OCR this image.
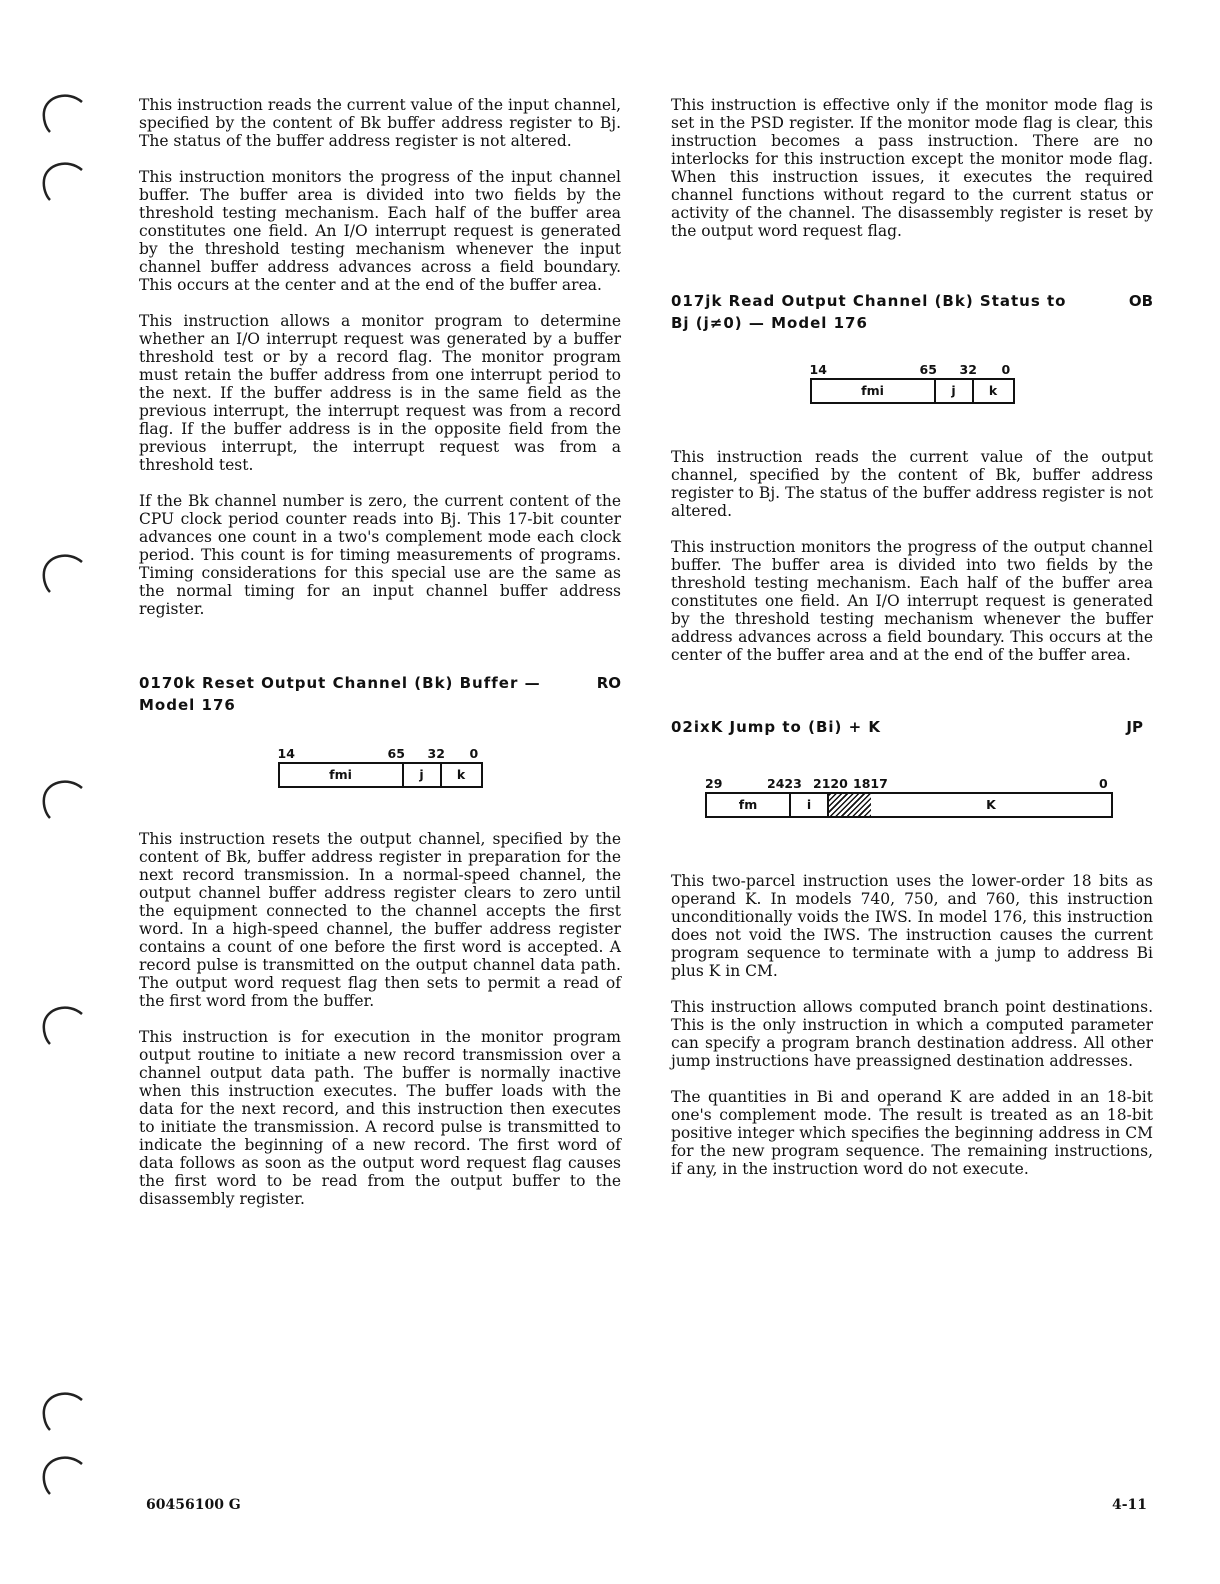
This instruction reads the current value of the input channel, specified by the content of Bk buffer address register to Bj. The status of the buffer address register is not altered.

This instruction monitors the progress of the input channel buffer. The buffer area is divided into two fields by the threshold testing mechanism. Each half of the buffer area constitutes one field. An I/O interrupt request is generated by the threshold testing mechanism whenever the input channel buffer address advances across a field boundary. This occurs at the center and at the end of the buffer area.

This instruction allows a monitor program to determine whether an I/O interrupt request was generated by a buffer threshold test or by a record flag. The monitor program must retain the buffer address from one interrupt period to the next. If the buffer address is in the same field as the previous interrupt, the interrupt request was from a record flag. If the buffer address is in the opposite field from the previous interrupt, the interrupt request was from a threshold test.

If the Bk channel number is zero, the current content of the CPU clock period counter reads into Bj. This 17-bit counter advances one count in a two's complement mode each clock period. This count is for timing measurements of programs. Timing considerations for this special use are the same as the normal timing for an input channel buffer address register.

0170k Reset Output Channel (Bk) Buffer — Model 176
RO
14	65 32 0
fmi	j	k

This instruction resets the output channel, specified by the content of Bk, buffer address register in preparation for the next record transmission. In a normal-speed channel, the output channel buffer address register clears to zero until the equipment connected to the channel accepts the first word. In a high-speed channel, the buffer address register contains a count of one before the first word is accepted. A record pulse is transmitted on the output channel data path. The output word request flag then sets to permit a read of the first word from the buffer.

This instruction is for execution in the monitor program output routine to initiate a new record transmission over a channel output data path. The buffer is normally inactive when this instruction executes. The buffer loads with the data for the next record, and this instruction then executes to initiate the transmission. A record pulse is transmitted to indicate the beginning of a new record. The first word of data follows as soon as the output word request flag causes the first word to be read from the output buffer to the disassembly register.

This instruction is effective only if the monitor mode flag is set in the PSD register. If the monitor mode flag is clear, this instruction becomes a pass instruction. There are no interlocks for this instruction except the monitor mode flag. When this instruction issues, it executes the required channel functions without regard to the current status or activity of the channel. The disassembly register is reset by the output word request flag.

017jk Read Output Channel (Bk) Status to Bj (j≠0) — Model 176
OB
14	65 32 0
fmi	j	k

This instruction reads the current value of the output channel, specified by the content of Bk, buffer address register to Bj. The status of the buffer address register is not altered.

This instruction monitors the progress of the output channel buffer. The buffer area is divided into two fields by the threshold testing mechanism. Each half of the buffer area constitutes one field. An I/O interrupt request is generated by the threshold testing mechanism whenever the buffer address advances across a field boundary. This occurs at the center of the buffer area and at the end of the buffer area.

02ixK Jump to (Bi) + K	JP
29	2423 2120 1817	0
fm	i	K

This two-parcel instruction uses the lower-order 18 bits as operand K. In models 740, 750, and 760, this instruction unconditionally voids the IWS. In model 176, this instruction does not void the IWS. The instruction causes the current program sequence to terminate with a jump to address Bi plus K in CM.

This instruction allows computed branch point destinations. This is the only instruction in which a computed parameter can specify a program branch destination address. All other jump instructions have preassigned destination addresses.

The quantities in Bi and operand K are added in an 18-bit one's complement mode. The result is treated as an 18-bit positive integer which specifies the beginning address in CM for the new program sequence. The remaining instructions, if any, in the instruction word do not execute.

60456100 G	4-11
